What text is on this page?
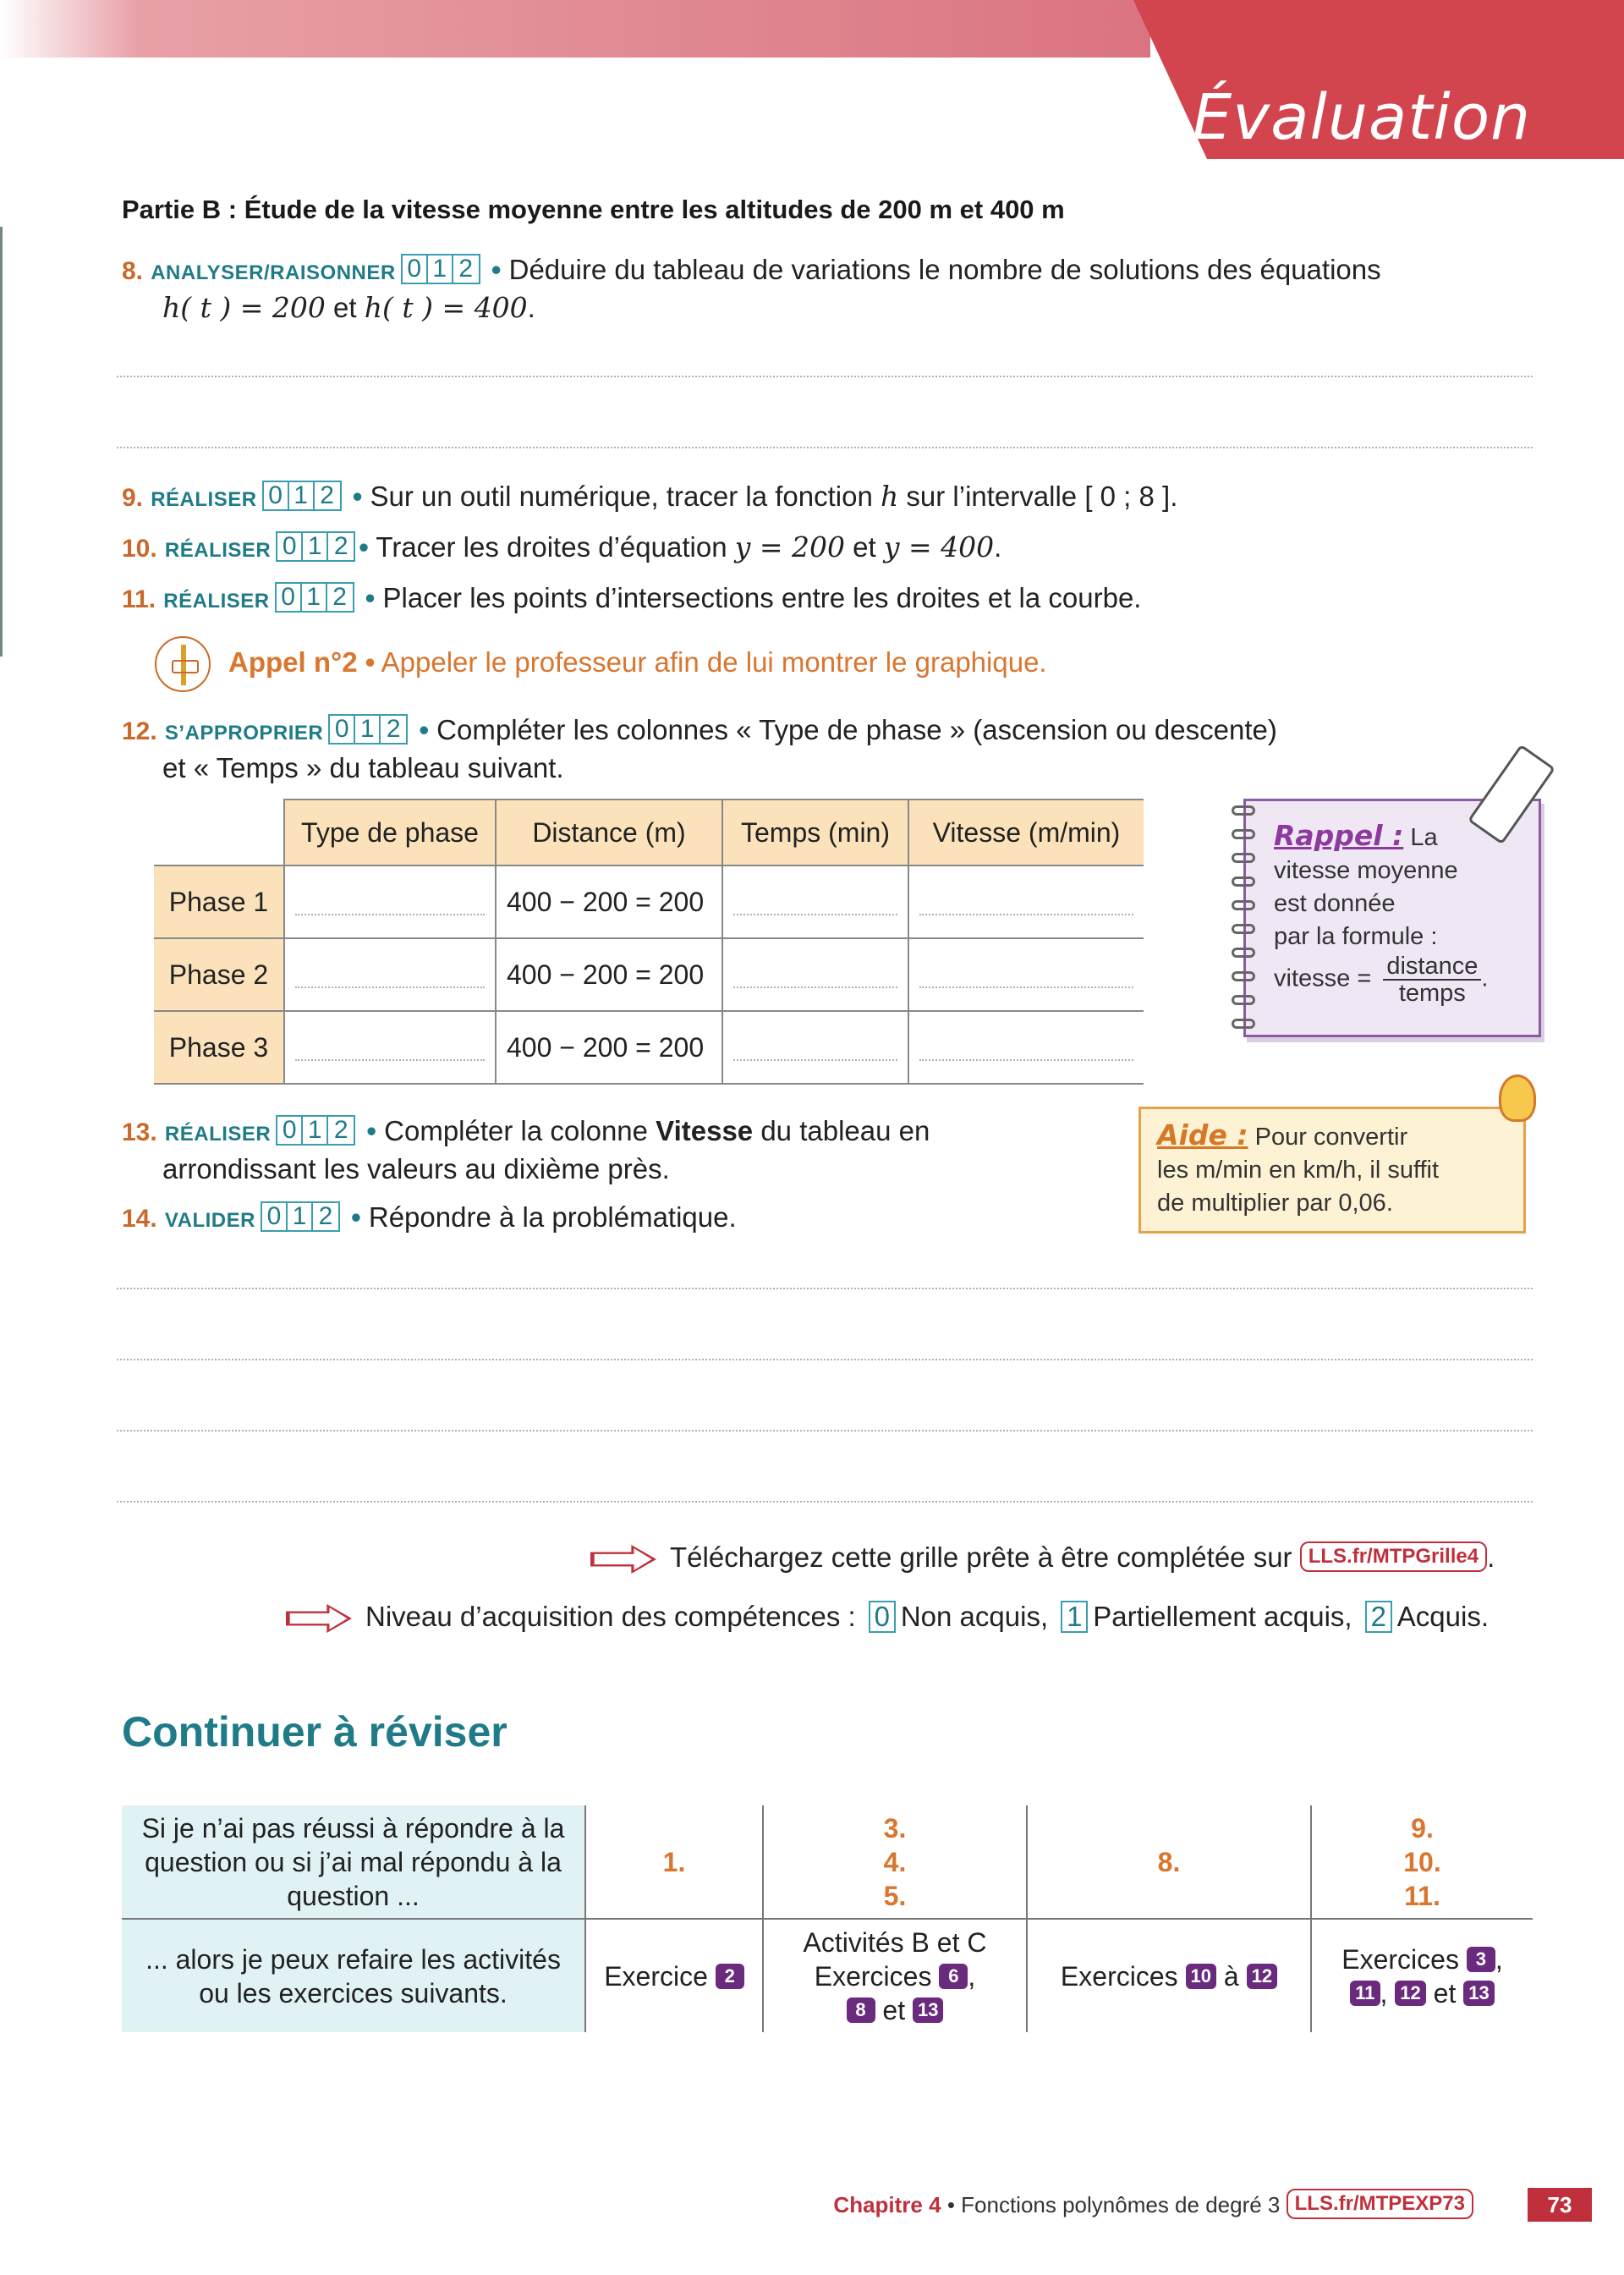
Évaluation
Partie B : Étude de la vitesse moyenne entre les altitudes de 200 m et 400 m
8. ANALYSER/RAISONNER 0 1 2 • Déduire du tableau de variations le nombre de solutions des équations
h( t ) = 200 et h( t ) = 400.
9. RÉALISER 0 1 2 • Sur un outil numérique, tracer la fonction h sur l’intervalle [ 0 ; 8 ].
10. RÉALISER 0 1 2 • Tracer les droites d’équation y = 200 et y = 400.
11. RÉALISER 0 1 2 • Placer les points d’intersections entre les droites et la courbe.
Appel n°2 • Appeler le professeur afin de lui montrer le graphique.
12. S’APPROPRIER 0 1 2 • Compléter les colonnes « Type de phase » (ascension ou descente)
et « Temps » du tableau suivant.
	Type de phase	Distance (m)	Temps (min)	Vitesse (m/min)
Phase 1		400 − 200 = 200	

Phase 2		400 − 200 = 200	

Phase 3		400 − 200 = 200	

Rappel : La
vitesse moyenne
est donnée
par la formule :
vitesse = $\frac{\text{distance}}{\text{temps}}$ .
13. RÉALISER 0 1 2 • Compléter la colonne Vitesse du tableau en
arrondissant les valeurs au dixième près.
14. VALIDER 0 1 2 • Répondre à la problématique.
Aide : Pour convertir
les m/min en km/h, il suffit
de multiplier par 0,06.
Téléchargez cette grille prête à être complétée sur LLS.fr/MTPGrille4 .
Niveau d’acquisition des compétences : 0 Non acquis, 1 Partiellement acquis, 2 Acquis.
Continuer à réviser
Si je n’ai pas réussi à répondre à la question ou si j’ai mal répondu à la question ...	1.	3.
4.
5.	8.	9.
10.
11.
... alors je peux refaire les activités ou les exercices suivants.	Exercice 2	Activités B et C
Exercices 6 ,
8 et 13	Exercices 10 à 12	Exercices 3 ,
11 , 12 et 13
Chapitre 4 • Fonctions polynômes de degré 3 LLS.fr/MTPEXP73	73
